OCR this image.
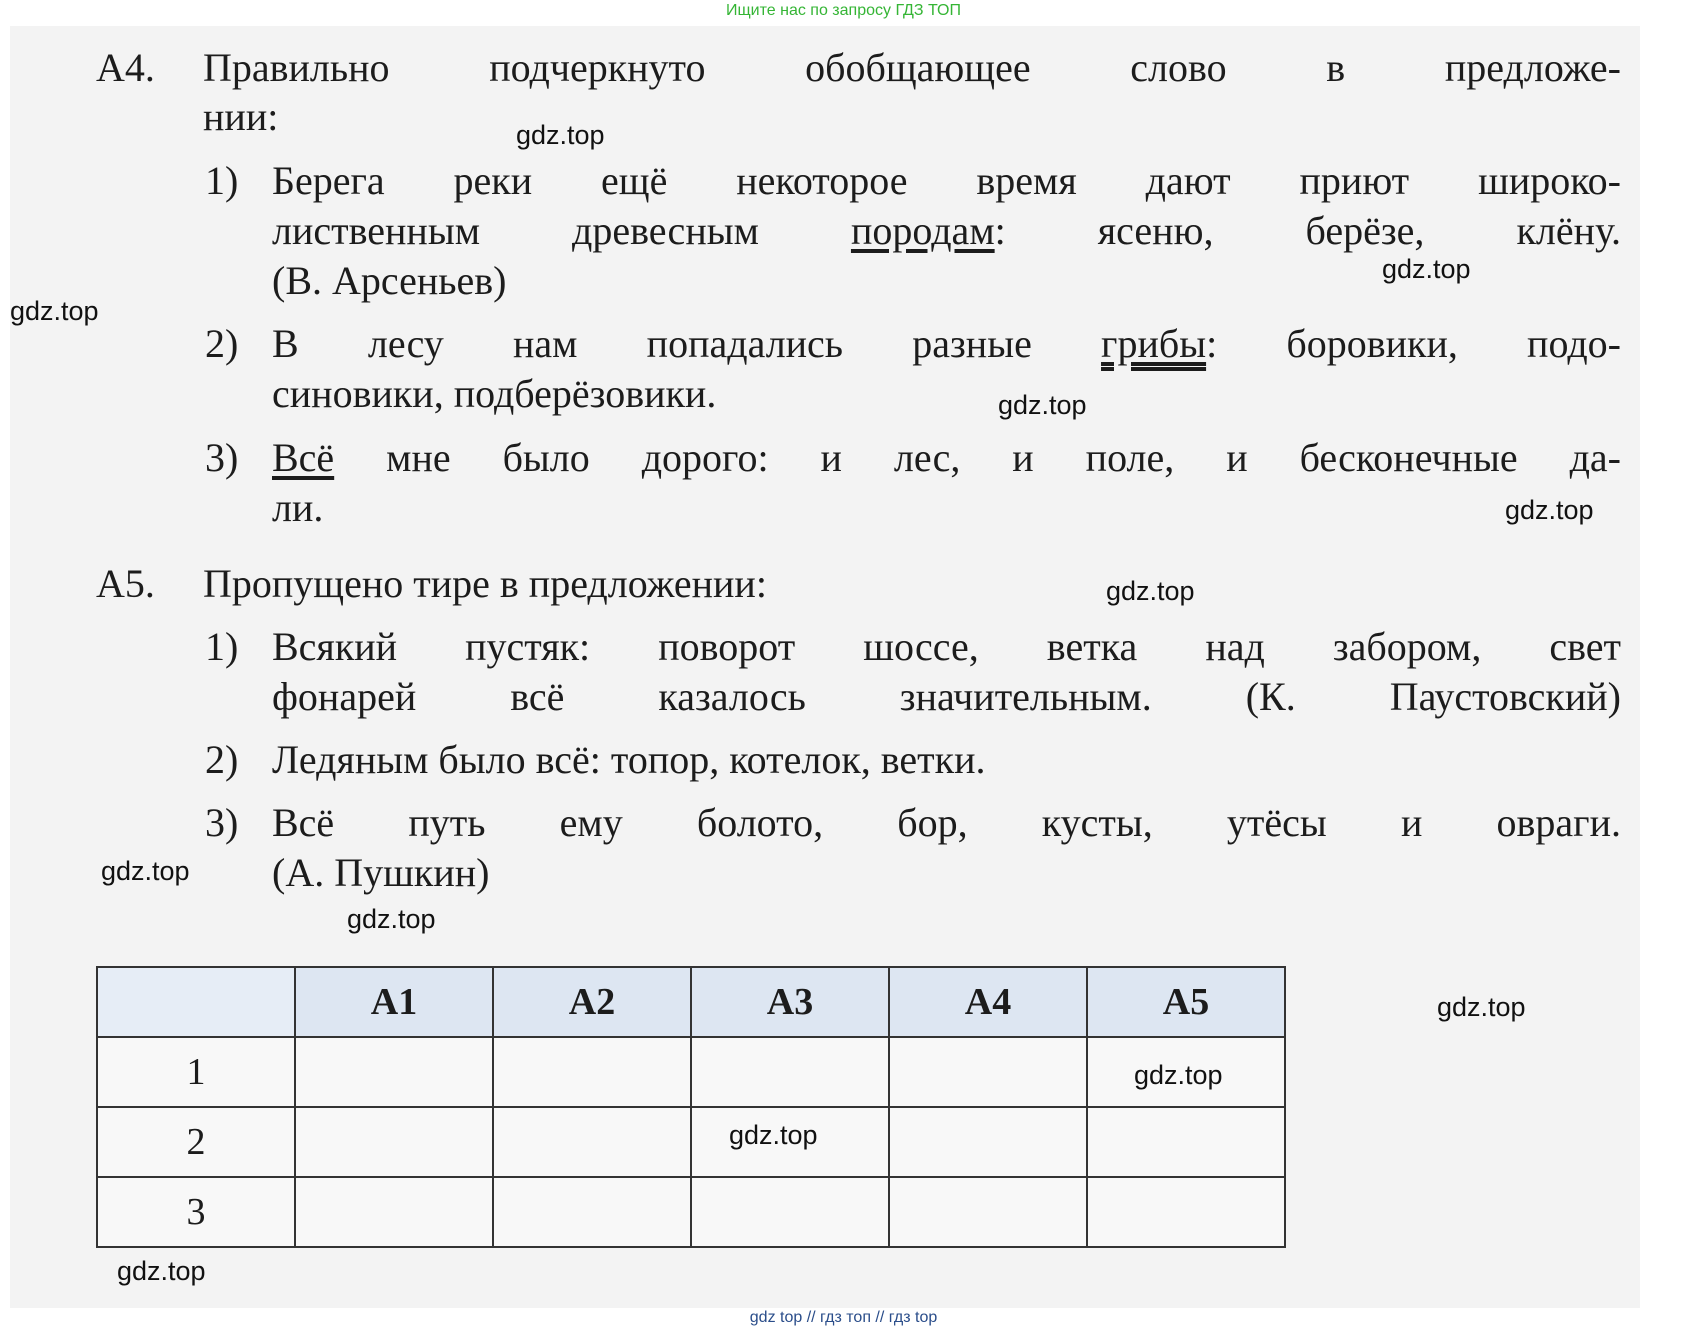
Ищите нас по запросу ГДЗ ТОП
А4. Правильно подчеркнуто обобщающее слово в предложе-
нии:
1) Берега реки ещё некоторое время дают приют широко-
лиственным древесным породам: ясеню, берёзе, клёну.
(В. Арсеньев)
2) В лесу нам попадались разные грибы: боровики, подо-
синовики, подберёзовики.
3) Всё мне было дорого: и лес, и поле, и бесконечные да-
ли.
А5. Пропущено тире в предложении:
1) Всякий пустяк: поворот шоссе, ветка над забором, свет
фонарей всё казалось значительным. (К. Паустовский)
2) Ледяным было всё: топор, котелок, ветки.
3) Всё путь ему болото, бор, кусты, утёсы и овраги.
(А. Пушкин)
	А1	А2	А3	А4	А5
1					
2					
3					
gdz.top
gdz.top
gdz.top
gdz.top
gdz.top
gdz.top
gdz.top
gdz.top
gdz.top
gdz.top
gdz.top
gdz.top
gdz top // гдз топ // гдз top
